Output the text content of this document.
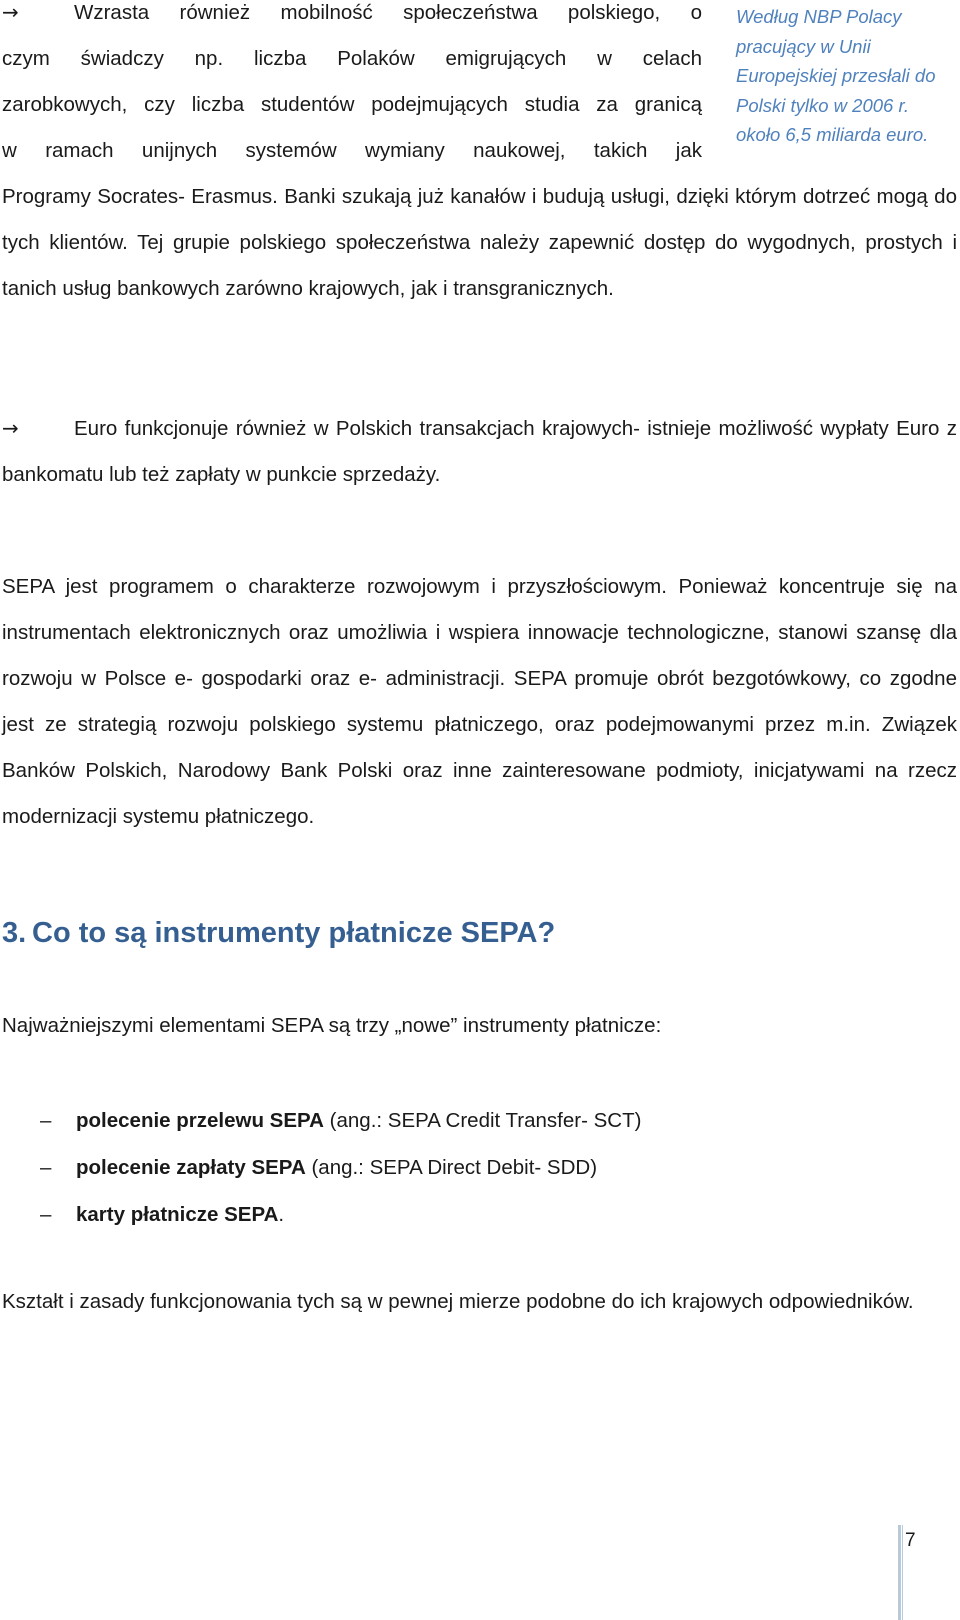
→	Wzrasta również mobilność społeczeństwa polskiego, o

czym świadczy np. liczba Polaków emigrujących w celach

zarobkowych, czy liczba studentów podejmujących studia za granicą

w ramach unijnych systemów wymiany naukowej, takich jak

Programy Socrates- Erasmus. Banki szukają już kanałów i budują usługi, dzięki którym dotrzeć mogą do tych klientów. Tej grupie polskiego społeczeństwa należy zapewnić dostęp do wygodnych, prostych i tanich usług bankowych zarówno krajowych, jak i transgranicznych.

Według NBP Polacy
pracujący w Unii
Europejskiej przesłali do
Polski tylko w 2006 r.
około 6,5 miliarda euro.

→	Euro funkcjonuje również w Polskich transakcjach krajowych- istnieje możliwość wypłaty Euro z bankomatu lub też zapłaty w punkcie sprzedaży.

SEPA jest programem o charakterze rozwojowym i przyszłościowym. Ponieważ koncentruje się na instrumentach elektronicznych oraz umożliwia i wspiera innowacje technologiczne, stanowi szansę dla rozwoju w Polsce e- gospodarki oraz e- administracji. SEPA promuje obrót bezgotówkowy, co zgodne jest ze strategią rozwoju polskiego systemu płatniczego, oraz podejmowanymi przez m.in. Związek Banków Polskich, Narodowy Bank Polski oraz inne zainteresowane podmioty, inicjatywami na rzecz modernizacji systemu płatniczego.

3. Co to są instrumenty płatnicze SEPA?

Najważniejszymi elementami SEPA są trzy „nowe” instrumenty płatnicze:

– polecenie przelewu SEPA (ang.: SEPA Credit Transfer- SCT)
– polecenie zapłaty SEPA (ang.: SEPA Direct Debit- SDD)
– karty płatnicze SEPA.

Kształt i zasady funkcjonowania tych są w pewnej mierze podobne do ich krajowych odpowiedników.

7
